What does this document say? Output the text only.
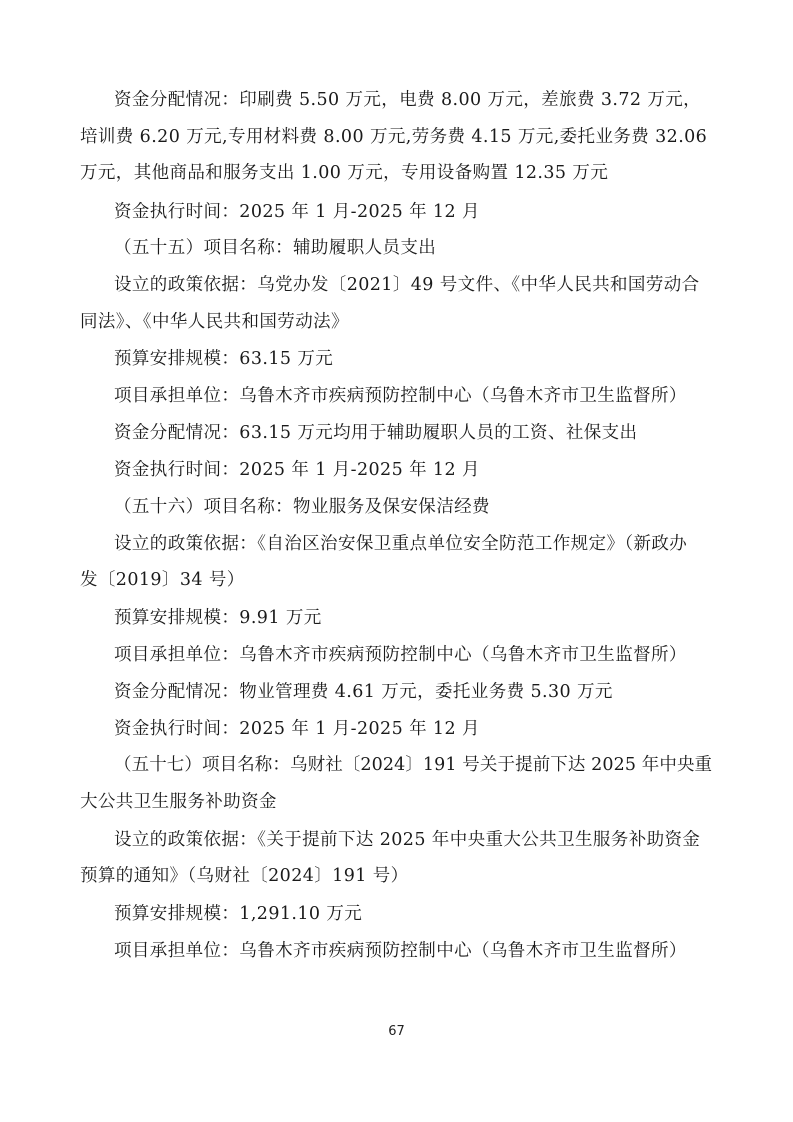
资金分配情况：印刷费 5.50 万元，电费 8.00 万元，差旅费 3.72 万元，
培训费 6.20 万元,专用材料费 8.00 万元,劳务费 4.15 万元,委托业务费 32.06
万元，其他商品和服务支出 1.00 万元，专用设备购置 12.35 万元
资金执行时间：2025 年 1 月-2025 年 12 月
（五十五）项目名称：辅助履职人员支出
设立的政策依据：乌党办发〔2021〕49 号文件、《中华人民共和国劳动合
同法》、《中华人民共和国劳动法》
预算安排规模：63.15 万元
项目承担单位：乌鲁木齐市疾病预防控制中心（乌鲁木齐市卫生监督所）
资金分配情况：63.15 万元均用于辅助履职人员的工资、社保支出
资金执行时间：2025 年 1 月-2025 年 12 月
（五十六）项目名称：物业服务及保安保洁经费
设立的政策依据：《自治区治安保卫重点单位安全防范工作规定》（新政办
发〔2019〕34 号）
预算安排规模：9.91 万元
项目承担单位：乌鲁木齐市疾病预防控制中心（乌鲁木齐市卫生监督所）
资金分配情况：物业管理费 4.61 万元，委托业务费 5.30 万元
资金执行时间：2025 年 1 月-2025 年 12 月
（五十七）项目名称：乌财社〔2024〕191 号关于提前下达 2025 年中央重
大公共卫生服务补助资金
设立的政策依据：《关于提前下达 2025 年中央重大公共卫生服务补助资金
预算的通知》（乌财社〔2024〕191 号）
预算安排规模：1,291.10 万元
项目承担单位：乌鲁木齐市疾病预防控制中心（乌鲁木齐市卫生监督所）
67
